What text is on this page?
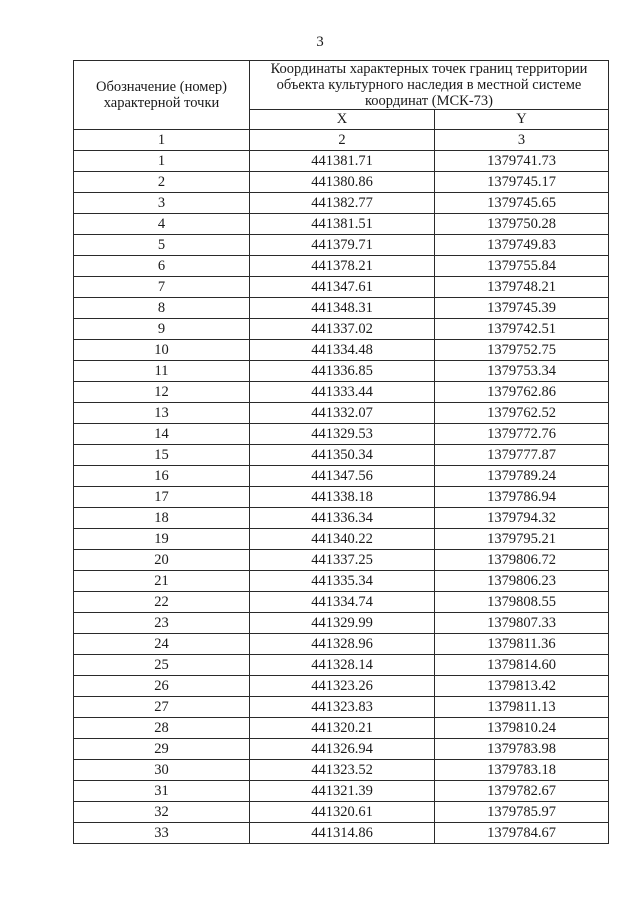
3
Обозначение (номер) характерной точки	Координаты характерных точек границ территории объекта культурного наследия в местной системе координат (МСК-73)	
	X	Y
1	2	3
1	441381.71	1379741.73
2	441380.86	1379745.17
3	441382.77	1379745.65
4	441381.51	1379750.28
5	441379.71	1379749.83
6	441378.21	1379755.84
7	441347.61	1379748.21
8	441348.31	1379745.39
9	441337.02	1379742.51
10	441334.48	1379752.75
11	441336.85	1379753.34
12	441333.44	1379762.86
13	441332.07	1379762.52
14	441329.53	1379772.76
15	441350.34	1379777.87
16	441347.56	1379789.24
17	441338.18	1379786.94
18	441336.34	1379794.32
19	441340.22	1379795.21
20	441337.25	1379806.72
21	441335.34	1379806.23
22	441334.74	1379808.55
23	441329.99	1379807.33
24	441328.96	1379811.36
25	441328.14	1379814.60
26	441323.26	1379813.42
27	441323.83	1379811.13
28	441320.21	1379810.24
29	441326.94	1379783.98
30	441323.52	1379783.18
31	441321.39	1379782.67
32	441320.61	1379785.97
33	441314.86	1379784.67
